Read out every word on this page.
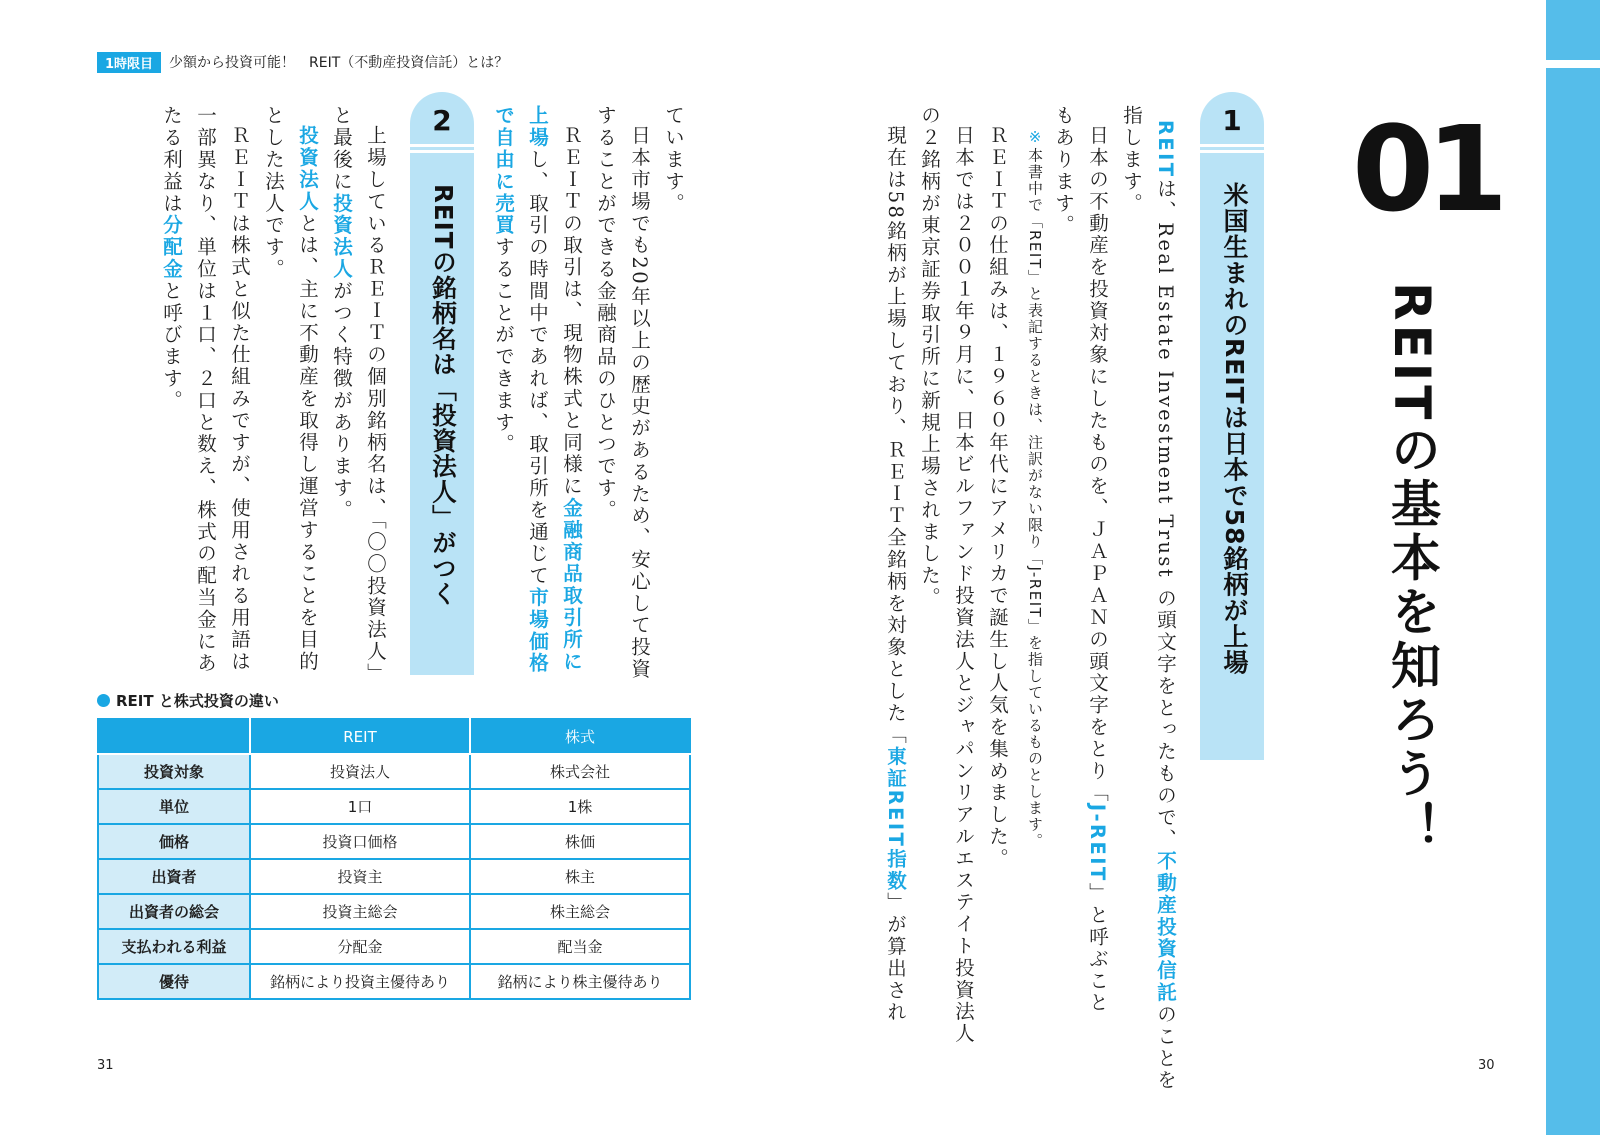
1時限目	少額から投資可能！　REIT（不動産投資信託）とは？
01
REITの基本を知ろう！
1
米国生まれのREITは日本で58銘柄が上場
REITは、Real Estate Investment Trust の頭文字をとったもので、不動産投資信託のことを
指します。
日本の不動産を投資対象にしたものを、ＪＡＰＡＮの頭文字をとり「J-REIT」と呼ぶこと
もあります。
※本書中で「REIT」と表記するときは、注訳がない限り「J-REIT」を指しているものとします。
ＲＥＩＴの仕組みは、１９６０年代にアメリカで誕生し人気を集めました。
日本では２００１年９月に、日本ビルファンド投資法人とジャパンリアルエステイト投資法人
の２銘柄が東京証券取引所に新規上場されました。
現在は58銘柄が上場しており、ＲＥＩＴ全銘柄を対象とした「東証REIT指数」が算出され
ています。
日本市場でも20年以上の歴史があるため、安心して投資
することができる金融商品のひとつです。
ＲＥＩＴの取引は、現物株式と同様に金融商品取引所に
上場し、取引の時間中であれば、取引所を通じて市場価格
で自由に売買することができます。
2
REITの銘柄名は「投資法人」がつく
上場しているＲＥＩＴの個別銘柄名は、「〇〇投資法人」
と最後に投資法人がつく特徴があります。
投資法人とは、主に不動産を取得し運営することを目的
とした法人です。
ＲＥＩＴは株式と似た仕組みですが、使用される用語は
一部異なり、単位は１口、２口と数え、株式の配当金にあ
たる利益は分配金と呼びます。
REIT と株式投資の違い
	REIT	株式
投資対象	投資法人	株式会社
単位	1口	1株
価格	投資口価格	株価
出資者	投資主	株主
出資者の総会	投資主総会	株主総会
支払われる利益	分配金	配当金
優待	銘柄により投資主優待あり	銘柄により株主優待あり
31	30
